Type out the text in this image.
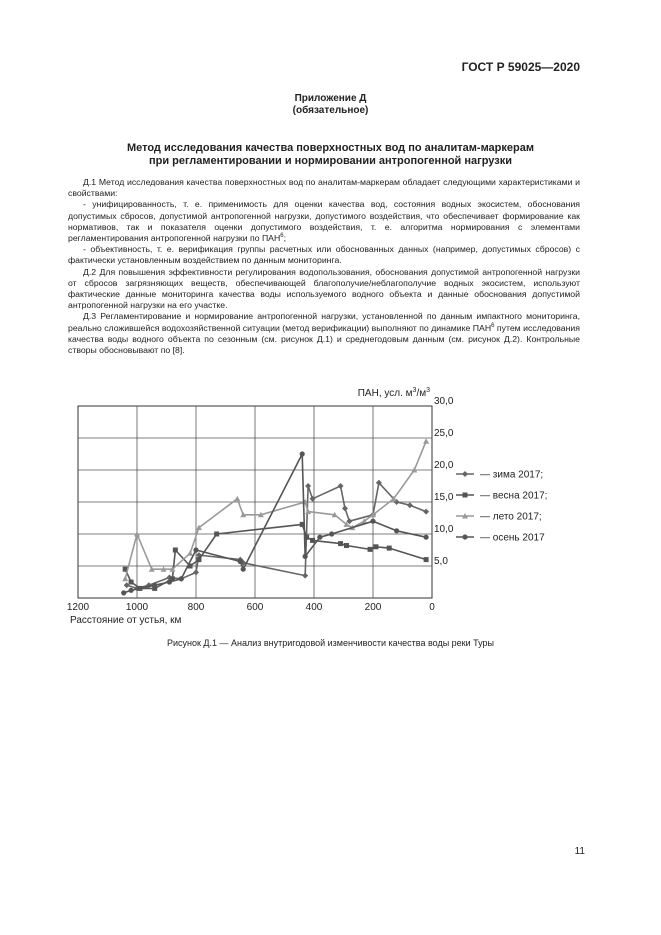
ГОСТ Р 59025—2020
Приложение Д
(обязательное)
Метод исследования качества поверхностных вод по аналитам-маркерам
при регламентировании и нормировании антропогенной нагрузки

Д.1 Метод исследования качества поверхностных вод по аналитам-маркерам обладает следующими характеристиками и свойствами:

- унифицированность, т. е. применимость для оценки качества вод, состояния водных экосистем, обоснования допустимых сбросов, допустимой антропогенной нагрузки, допустимого воздействия, что обеспечивает формирование как нормативов, так и показателя оценки допустимого воздействия, т. е. алгоритма нормирования с элементами регламентирования антропогенной нагрузки по ПАН$^6$;

- объективность, т. е. верификация группы расчетных или обоснованных данных (например, допустимых сбросов) с фактически установленным воздействием по данным мониторинга.

Д.2 Для повышения эффективности регулирования водопользования, обоснования допустимой антропогенной нагрузки от сбросов загрязняющих веществ, обеспечивающей благополучие/неблагополучие водных экосистем, используют фактические данные мониторинга качества воды используемого водного объекта и данные обоснования допустимой антропогенной нагрузки на его участке.

Д.3 Регламентирование и нормирование антропогенной нагрузки, установленной по данным импактного мониторинга, реально сложившейся водохозяйственной ситуации (метод верификации) выполняют по динамике ПАН$^6$ путем исследования качества воды водного объекта по сезонным (см. рисунок Д.1) и среднегодовым данным (см. рисунок Д.2). Контрольные створы обосновывают по [8].

1200	1000	800	600	400	200	0
5,0
10,0
15,0
20,0
25,0
30,0
ПАН, усл. $м^3/м^3$
Расстояние от устья, км
— зима 2017;
— весна 2017;
— лето 2017;
— осень 2017
Рисунок Д.1 — Анализ внутригодовой изменчивости качества воды реки Туры
11
